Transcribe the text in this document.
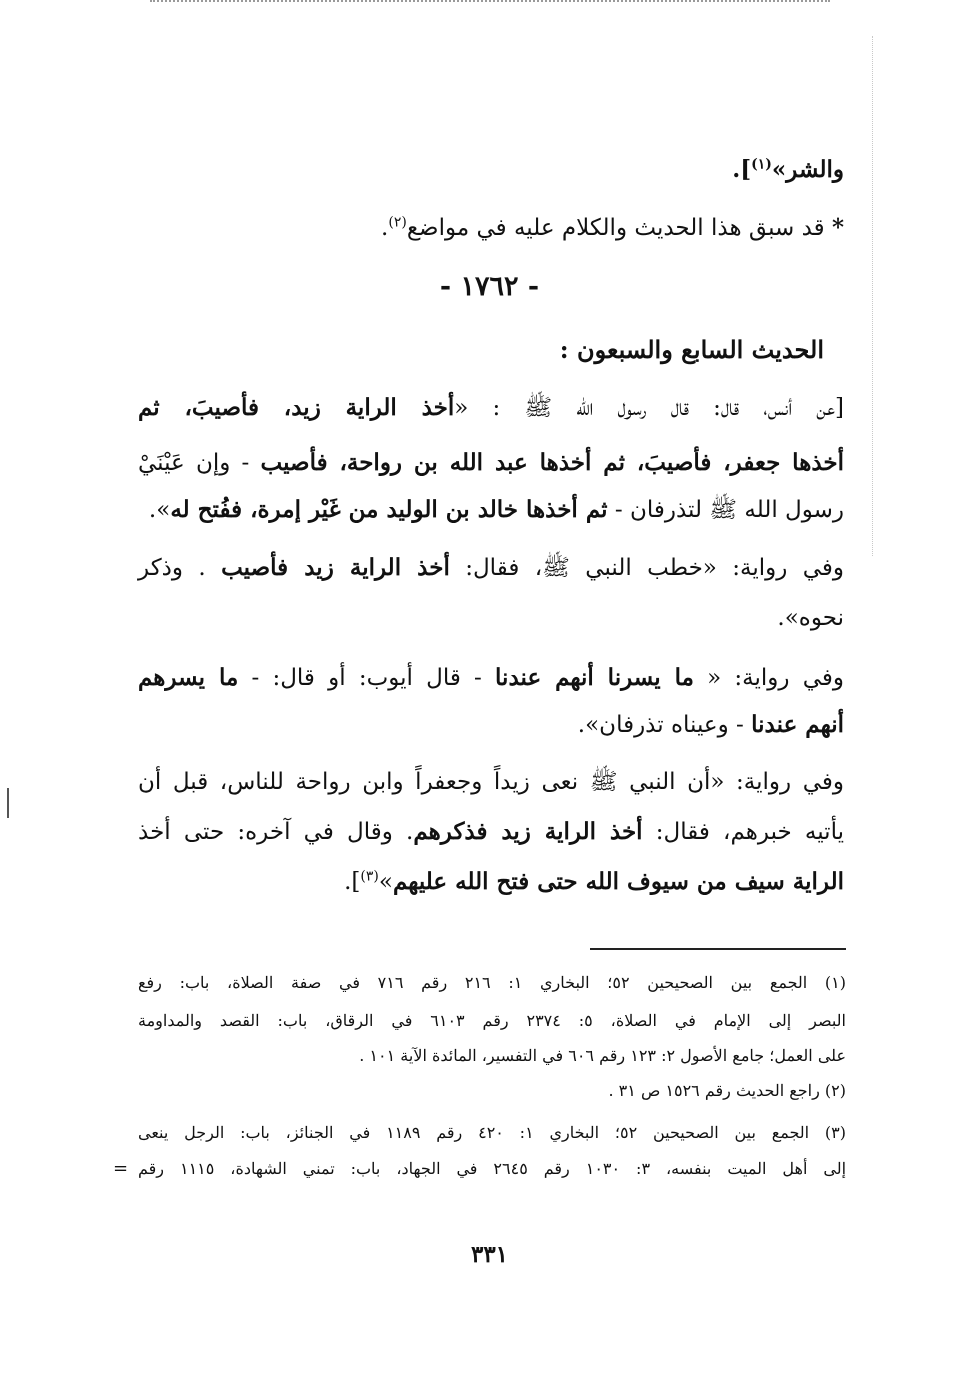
والشر»$^{(١)}$].
* قد سبق هذا الحديث والكلام عليه في مواضع$^{(٢)}$.
- ١٧٦٢ -
الحديث السابع والسبعون :
[عن أنس، قال: قال رسول الله ﷺ : «أخذ الراية زيد، فأصيبَ، ثم
أخذها جعفر، فأصيبَ، ثم أخذها عبد الله بن رواحة، فأصيب - وإن عَيْنَيْ
رسول الله ﷺ لتذرفان - ثم أخذها خالد بن الوليد من غَيْر إمرة، ففُتح له».
وفي رواية: «خطب النبي ﷺ، فقال: أخذ الراية زيد فأصيب . وذكر
نحوه».
وفي رواية: « ما يسرنا أنهم عندنا - قال أيوب: أو قال: - ما يسرهم
أنهم عندنا - وعيناه تذرفان».
وفي رواية: «أن النبي ﷺ نعى زيداً وجعفراً وابن رواحة للناس، قبل أن
يأتيه خبرهم، فقال: أخذ الراية زيد فذكرهم. وقال في آخره: حتى أخذ
الراية سيف من سيوف الله حتى فتح الله عليهم»$^{(٣)}$].
(١) الجمع بين الصحيحين ٥٢؛ البخاري ١: ٢١٦ رقم ٧١٦ في صفة الصلاة، باب: رفع
البصر إلى الإمام في الصلاة، ٥: ٢٣٧٤ رقم ٦١٠٣ في الرقاق، باب: القصد والمداومة
على العمل؛ جامع الأصول ٢: ١٢٣ رقم ٦٠٦ في التفسير، المائدة الآية ١٠١ .
(٢) راجع الحديث رقم ١٥٢٦ ص ٣١ .
(٣) الجمع بين الصحيحين ٥٢؛ البخاري ١: ٤٢٠ رقم ١١٨٩ في الجنائز، باب: الرجل ينعى
إلى أهل الميت بنفسه، ٣: ١٠٣٠ رقم ٢٦٤٥ في الجهاد، باب: تمني الشهادة، ١١١٥ رقم
=
٣٣١
